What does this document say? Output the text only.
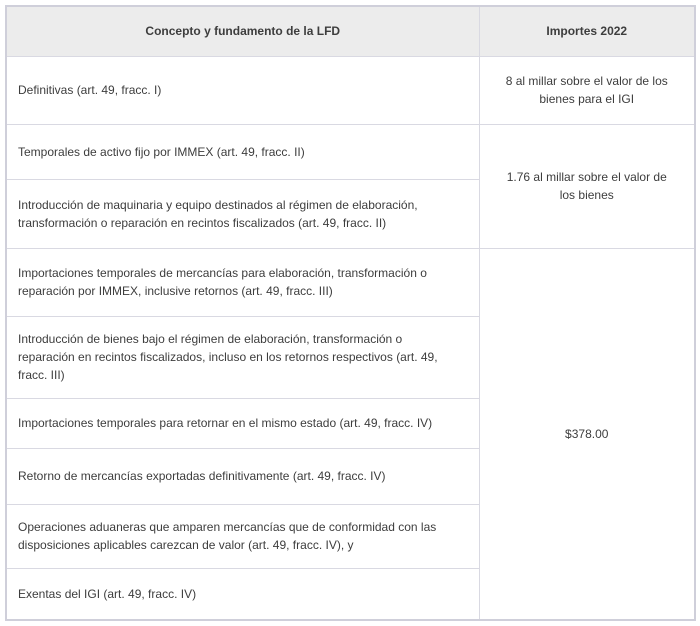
Concepto y fundamento de la LFD	Importes 2022
Definitivas (art. 49, fracc. I)	8 al millar sobre el valor de los bienes para el IGI
Temporales de activo fijo por IMMEX (art. 49, fracc. II)	1.76 al millar sobre el valor de los bienes
Introducción de maquinaria y equipo destinados al régimen de elaboración, transformación o reparación en recintos fiscalizados (art. 49, fracc. II)	
Importaciones temporales de mercancías para elaboración, transformación o reparación por IMMEX, inclusive retornos (art. 49, fracc. III)	$378.00
Introducción de bienes bajo el régimen de elaboración, transformación o reparación en recintos fiscalizados, incluso en los retornos respectivos (art. 49, fracc. III)	
Importaciones temporales para retornar en el mismo estado (art. 49, fracc. IV)	
Retorno de mercancías exportadas definitivamente (art. 49, fracc. IV)	
Operaciones aduaneras que amparen mercancías que de conformidad con las disposiciones aplicables carezcan de valor (art. 49, fracc. IV), y	
Exentas del IGI (art. 49, fracc. IV)	
